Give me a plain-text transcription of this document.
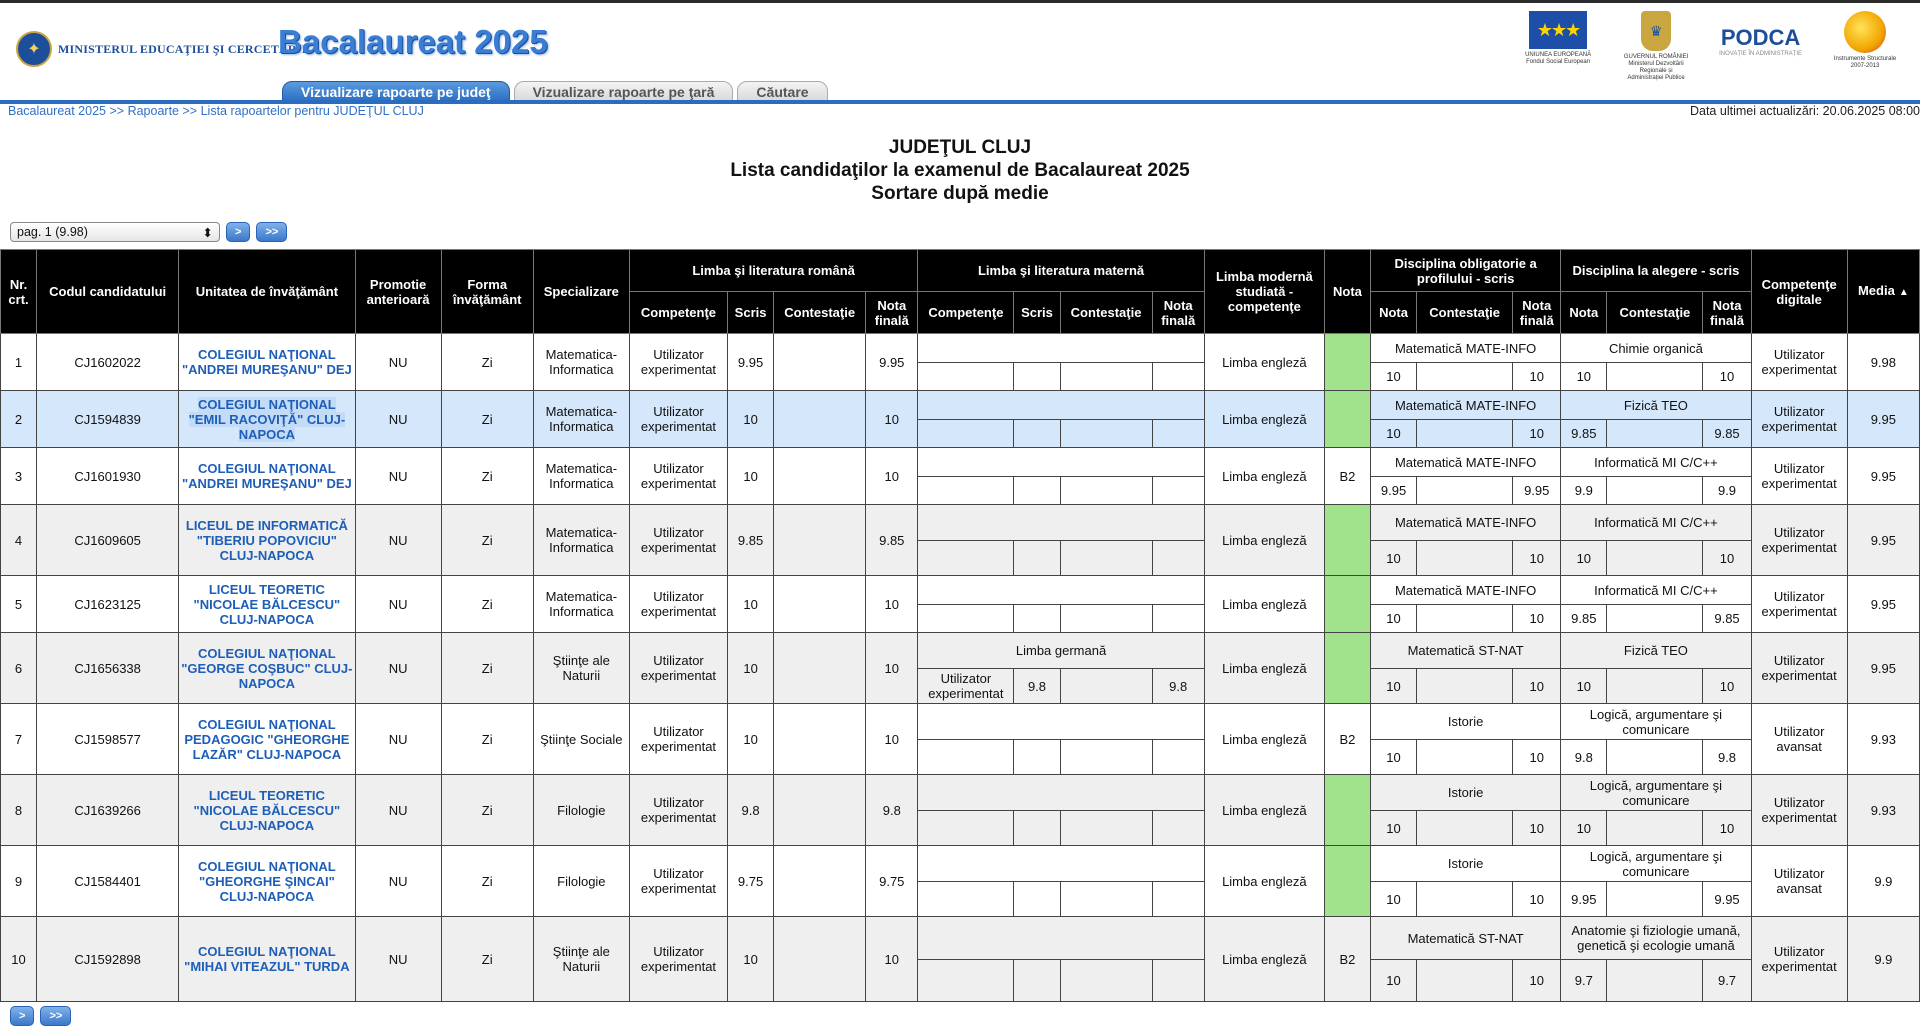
✦	MINISTERUL EDUCAŢIEI ŞI CERCETĂRII
Bacalaureat 2025	★★★
UNIUNEA EUROPEANĂ Fondul Social European
♛
GUVERNUL ROMÂNIEI Ministerul Dezvoltării Regionale și Administrației Publice
PODCA
INOVAȚIE ÎN ADMINISTRAȚIE
Instrumente Structurale 2007-2013
Vizualizare rapoarte pe judeţ	Vizualizare rapoarte pe ţară	Căutare
Bacalaureat 2025 >> Rapoarte >> Lista rapoartelor pentru JUDEŢUL CLUJ	Data ultimei actualizări: 20.06.2025 08:00
JUDEŢUL CLUJ
Lista candidaţilor la examenul de Bacalaureat 2025
Sortare după medie
pag. 1 (9.98)	⬍	>	>>
Nr. crt.	Codul candidatului	Unitatea de învăţământ	Promotie anterioară	Forma învăţământ	Specializare	Limba şi literatura română				Limba şi literatura maternă				Limba modernă studiată - competenţe	Nota	Disciplina obligatorie a profilului - scris			Disciplina la alegere - scris			Competenţe digitale	Media ▲
						Competenţe	Scris	Contestaţie	Nota finală	Competenţe	Scris	Contestaţie	Nota finală			Nota	Contestaţie	Nota finală	Nota	Contestaţie	Nota finală		
1	CJ1602022	COLEGIUL NAŢIONAL "ANDREI MUREŞANU" DEJ	NU	Zi	Matematica-Informatica	Utilizator experimentat	9.95		9.95					Limba engleză		Matematică MATE-INFO			Chimie organică			Utilizator experimentat	9.98
																10		10	10		10		
2	CJ1594839	COLEGIUL NAŢIONAL "EMIL RACOVIŢĂ" CLUJ-NAPOCA	NU	Zi	Matematica-Informatica	Utilizator experimentat	10		10					Limba engleză		Matematică MATE-INFO			Fizică TEO			Utilizator experimentat	9.95
																10		10	9.85		9.85		
3	CJ1601930	COLEGIUL NAŢIONAL "ANDREI MUREŞANU" DEJ	NU	Zi	Matematica-Informatica	Utilizator experimentat	10		10					Limba engleză	B2	Matematică MATE-INFO			Informatică MI C/C++			Utilizator experimentat	9.95
																9.95		9.95	9.9		9.9		
4	CJ1609605	LICEUL DE INFORMATICĂ "TIBERIU POPOVICIU" CLUJ-NAPOCA	NU	Zi	Matematica-Informatica	Utilizator experimentat	9.85		9.85					Limba engleză		Matematică MATE-INFO			Informatică MI C/C++			Utilizator experimentat	9.95
																10		10	10		10		
5	CJ1623125	LICEUL TEORETIC "NICOLAE BĂLCESCU" CLUJ-NAPOCA	NU	Zi	Matematica-Informatica	Utilizator experimentat	10		10					Limba engleză		Matematică MATE-INFO			Informatică MI C/C++			Utilizator experimentat	9.95
																10		10	9.85		9.85		
6	CJ1656338	COLEGIUL NAŢIONAL "GEORGE COŞBUC" CLUJ-NAPOCA	NU	Zi	Ştiinţe ale Naturii	Utilizator experimentat	10		10	Limba germană				Limba engleză		Matematică ST-NAT			Fizică TEO			Utilizator experimentat	9.95
										Utilizator experimentat	9.8		9.8			10		10	10		10		
7	CJ1598577	COLEGIUL NAŢIONAL PEDAGOGIC "GHEORGHE LAZĂR" CLUJ-NAPOCA	NU	Zi	Ştiinţe Sociale	Utilizator experimentat	10		10					Limba engleză	B2	Istorie			Logică, argumentare şi comunicare			Utilizator avansat	9.93
																10		10	9.8		9.8		
8	CJ1639266	LICEUL TEORETIC "NICOLAE BĂLCESCU" CLUJ-NAPOCA	NU	Zi	Filologie	Utilizator experimentat	9.8		9.8					Limba engleză		Istorie			Logică, argumentare şi comunicare			Utilizator experimentat	9.93
																10		10	10		10		
9	CJ1584401	COLEGIUL NAŢIONAL "GHEORGHE ŞINCAI" CLUJ-NAPOCA	NU	Zi	Filologie	Utilizator experimentat	9.75		9.75					Limba engleză		Istorie			Logică, argumentare şi comunicare			Utilizator avansat	9.9
																10		10	9.95		9.95		
10	CJ1592898	COLEGIUL NAŢIONAL "MIHAI VITEAZUL" TURDA	NU	Zi	Ştiinţe ale Naturii	Utilizator experimentat	10		10					Limba engleză	B2	Matematică ST-NAT			Anatomie şi fiziologie umană, genetică şi ecologie umană			Utilizator experimentat	9.9
																10		10	9.7		9.7		
>	>>
